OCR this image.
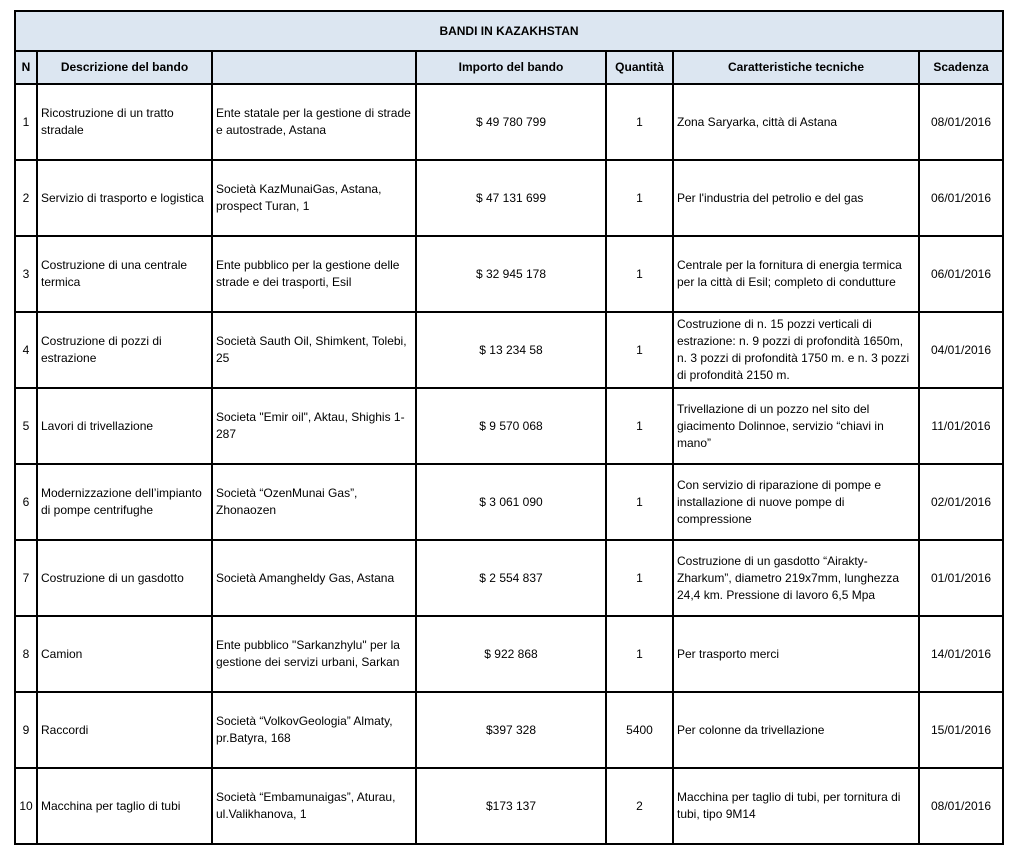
BANDI IN KAZAKHSTAN						
N	Descrizione del bando		Importo del bando	Quantità	Caratteristiche tecniche	Scadenza
1	Ricostruzione di un tratto stradale	Ente statale per la gestione di strade e autostrade, Astana	$ 49 780 799	1	Zona Saryarka, città di Astana	08/01/2016
2	Servizio di trasporto e logistica	Società KazMunaiGas, Astana, prospect Turan, 1	$ 47 131 699	1	Per l'industria del petrolio e del gas	06/01/2016
3	Costruzione di una centrale termica	Ente pubblico per la gestione delle strade e dei trasporti, Esil	$ 32 945 178	1	Centrale per la fornitura di energia termica per la città di Esil; completo di condutture	06/01/2016
4	Costruzione di pozzi di estrazione	Società Sauth Oil, Shimkent, Tolebi, 25	$ 13 234 58	1	Costruzione di n. 15 pozzi verticali di estrazione: n. 9 pozzi di profondità 1650m, n. 3 pozzi di profondità 1750 m. e n. 3 pozzi di profondità 2150 m.	04/01/2016
5	Lavori di trivellazione	Societa "Emir oil", Aktau, Shighis 1-287	$ 9 570 068	1	Trivellazione di un pozzo nel sito del giacimento Dolinnoe, servizio “chiavi in mano”	11/01/2016
6	Modernizzazione dell’impianto di pompe centrifughe	Società “OzenMunai Gas”, Zhonaozen	$ 3 061 090	1	Con servizio di riparazione di pompe e installazione di nuove pompe di compressione	02/01/2016
7	Costruzione di un gasdotto	Società Amangheldy Gas, Astana	$ 2 554 837	1	Costruzione di un gasdotto “Airakty-Zharkum”, diametro 219x7mm, lunghezza 24,4 km. Pressione di lavoro 6,5 Mpa	01/01/2016
8	Camion	Ente pubblico "Sarkanzhylu" per la gestione dei servizi urbani, Sarkan	$ 922 868	1	Per trasporto merci	14/01/2016
9	Raccordi	Società “VolkovGeologia” Almaty, pr.Batyra, 168	$397 328	5400	Per colonne da trivellazione	15/01/2016
10	Macchina per taglio di tubi	Società “Embamunaigas”, Aturau, ul.Valikhanova, 1	$173 137	2	Macchina per taglio di tubi, per tornitura di tubi, tipo 9M14	08/01/2016
